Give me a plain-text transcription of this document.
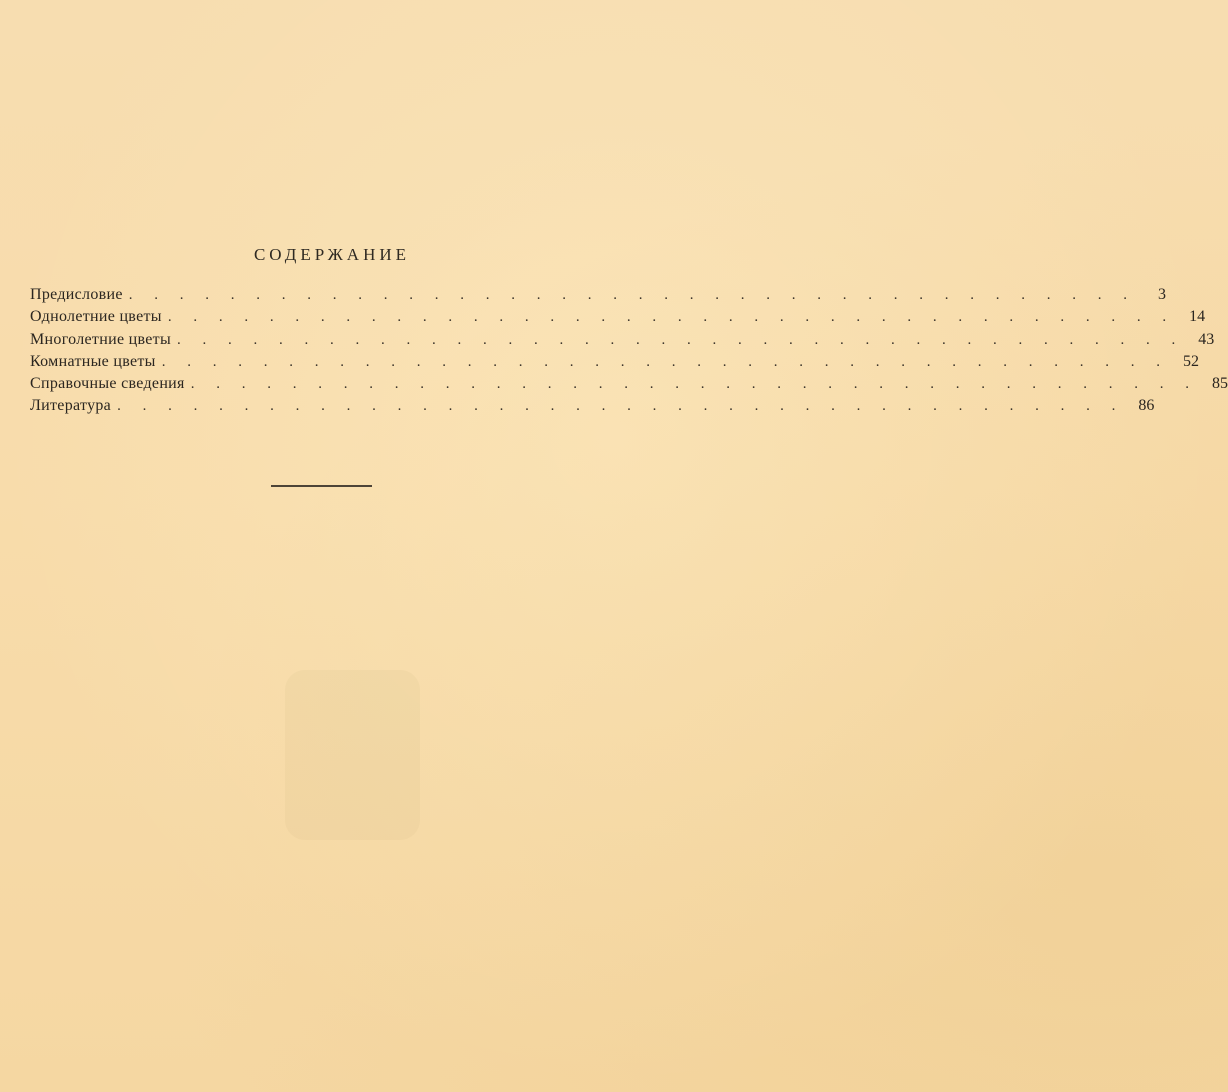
СОДЕРЖАНИЕ
Предисловие . . . . . . . . . . . . . . . . . . . . . . . . . . . . . . . . . . . . . . . .	3
Однолетние цветы . . . . . . . . . . . . . . . . . . . . . . . . . . . . . . . . . . . . . . . . 14
Многолетние цветы . . . . . . . . . . . . . . . . . . . . . . . . . . . . . . . . . . . . . . . . 43
Комнатные цветы . . . . . . . . . . . . . . . . . . . . . . . . . . . . . . . . . . . . . . . . 52
Справочные сведения . . . . . . . . . . . . . . . . . . . . . . . . . . . . . . . . . . . . . . . . 85
Литература . . . . . . . . . . . . . . . . . . . . . . . . . . . . . . . . . . . . . . . . 86
